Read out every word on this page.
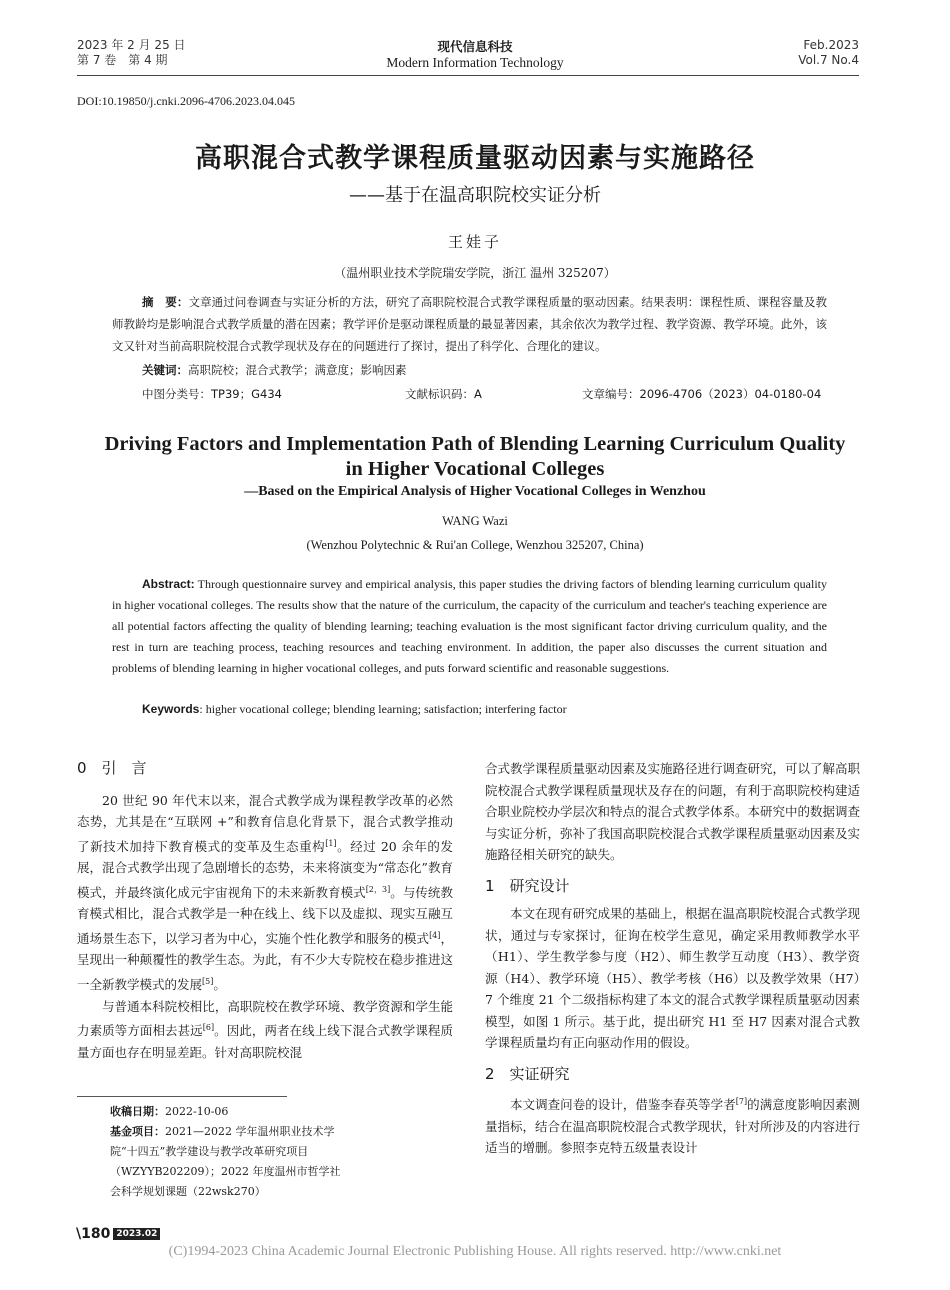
2023 年 2 月 25 日
第 7 卷　第 4 期
现代信息科技
Modern Information Technology
Feb.2023
Vol.7 No.4
DOI:10.19850/j.cnki.2096-4706.2023.04.045
高职混合式教学课程质量驱动因素与实施路径
——基于在温高职院校实证分析
王娃子
（温州职业技术学院瑞安学院，浙江 温州 325207）
摘　要：文章通过问卷调查与实证分析的方法，研究了高职院校混合式教学课程质量的驱动因素。结果表明：课程性质、课程容量及教师教龄均是影响混合式教学质量的潜在因素；教学评价是驱动课程质量的最显著因素，其余依次为教学过程、教学资源、教学环境。此外，该文又针对当前高职院校混合式教学现状及存在的问题进行了探讨，提出了科学化、合理化的建议。
关键词：高职院校；混合式教学；满意度；影响因素
中图分类号：TP39；G434	文献标识码：A	文章编号：2096-4706（2023）04-0180-04
Driving Factors and Implementation Path of Blending Learning Curriculum Quality
in Higher Vocational Colleges
—Based on the Empirical Analysis of Higher Vocational Colleges in Wenzhou
WANG Wazi
(Wenzhou Polytechnic & Rui'an College, Wenzhou 325207, China)
Abstract: Through questionnaire survey and empirical analysis, this paper studies the driving factors of blending learning curriculum quality in higher vocational colleges. The results show that the nature of the curriculum, the capacity of the curriculum and teacher's teaching experience are all potential factors affecting the quality of blending learning; teaching evaluation is the most significant factor driving curriculum quality, and the rest in turn are teaching process, teaching resources and teaching environment. In addition, the paper also discusses the current situation and problems of blending learning in higher vocational colleges, and puts forward scientific and reasonable suggestions.
Keywords: higher vocational college; blending learning; satisfaction; interfering factor
0　引　言

20 世纪 90 年代末以来，混合式教学成为课程教学改革的必然态势，尤其是在“互联网 +”和教育信息化背景下，混合式教学推动了新技术加持下教育模式的变革及生态重构[1]。经过 20 余年的发展，混合式教学出现了急剧增长的态势，未来将演变为“常态化”教育模式，并最终演化成元宇宙视角下的未来新教育模式[2，3]。与传统教育模式相比，混合式教学是一种在线上、线下以及虚拟、现实互融互通场景生态下，以学习者为中心，实施个性化教学和服务的模式[4]，呈现出一种颠覆性的教学生态。为此，有不少大专院校在稳步推进这一全新教学模式的发展[5]。

与普通本科院校相比，高职院校在教学环境、教学资源和学生能力素质等方面相去甚远[6]。因此，两者在线上线下混合式教学课程质量方面也存在明显差距。针对高职院校混

收稿日期：2022-10-06
基金项目：2021—2022 学年温州职业技术学院“十四五”教学建设与教学改革研究项目（WZYYB202209）；2022 年度温州市哲学社会科学规划课题（22wsk270）

合式教学课程质量驱动因素及实施路径进行调查研究，可以了解高职院校混合式教学课程质量现状及存在的问题，有利于高职院校构建适合职业院校办学层次和特点的混合式教学体系。本研究中的数据调查与实证分析，弥补了我国高职院校混合式教学课程质量驱动因素及实施路径相关研究的缺失。

1　研究设计

本文在现有研究成果的基础上，根据在温高职院校混合式教学现状，通过与专家探讨，征询在校学生意见，确定采用教师教学水平（H1）、学生教学参与度（H2）、师生教学互动度（H3）、教学资源（H4）、教学环境（H5）、教学考核（H6）以及教学效果（H7）7 个维度 21 个二级指标构建了本文的混合式教学课程质量驱动因素模型，如图 1 所示。基于此，提出研究 H1 至 H7 因素对混合式教学课程质量均有正向驱动作用的假设。

2　实证研究

本文调查问卷的设计，借鉴李春英等学者[7]的满意度影响因素测量指标，结合在温高职院校混合式教学现状，针对所涉及的内容进行适当的增删。参照李克特五级量表设计

\180 2023.02
(C)1994-2023 China Academic Journal Electronic Publishing House. All rights reserved. http://www.cnki.net
